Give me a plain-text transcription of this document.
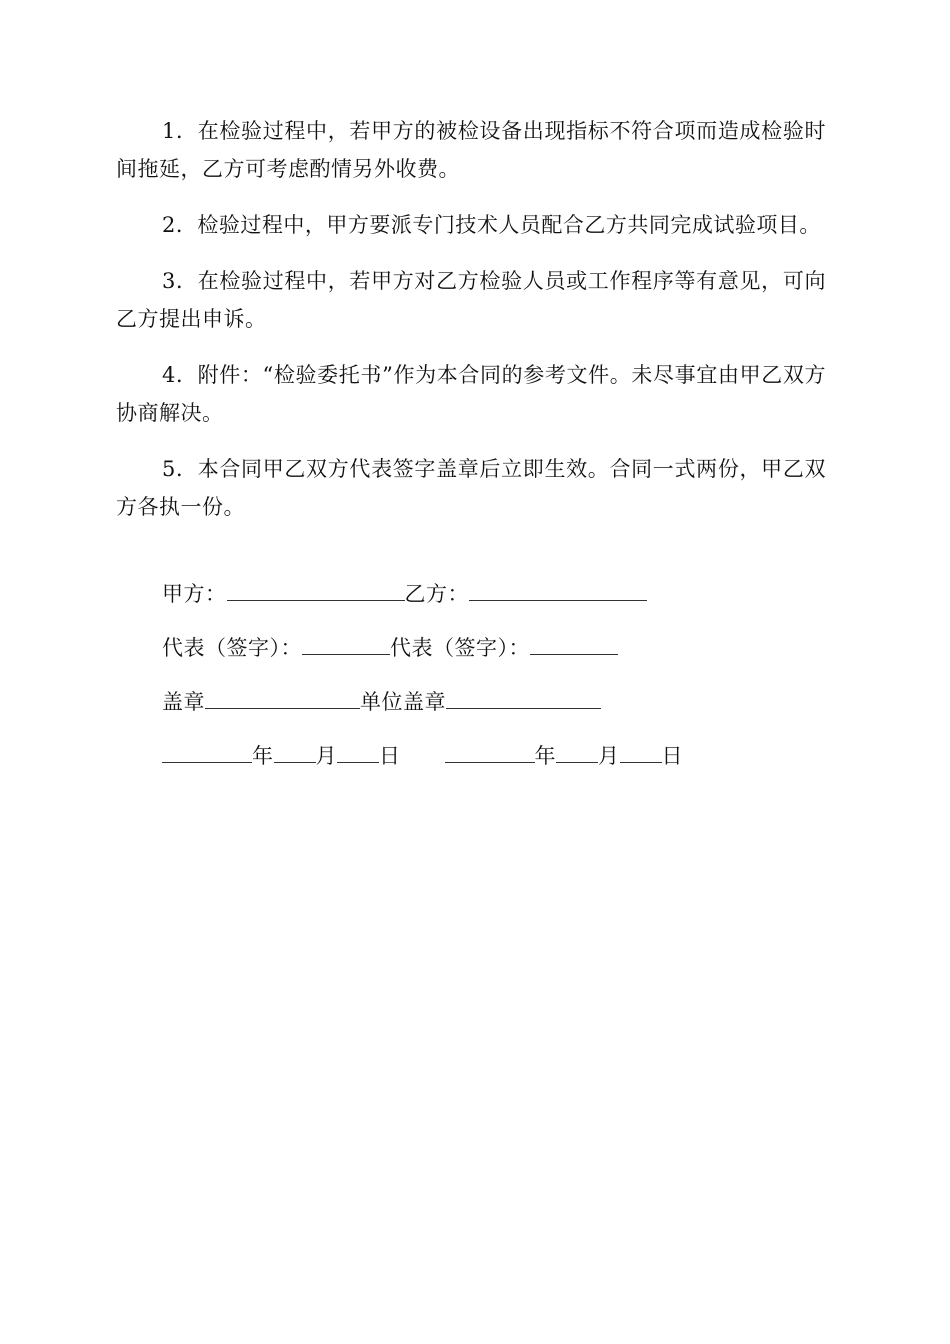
1．在检验过程中，若甲方的被检设备出现指标不符合项而造成检验时间拖延，乙方可考虑酌情另外收费。

2．检验过程中，甲方要派专门技术人员配合乙方共同完成试验项目。

3．在检验过程中，若甲方对乙方检验人员或工作程序等有意见，可向乙方提出申诉。

4．附件：“检验委托书”作为本合同的参考文件。未尽事宜由甲乙双方协商解决。

5．本合同甲乙双方代表签字盖章后立即生效。合同一式两份，甲乙双方各执一份。

甲方：	乙方：
代表（签字）：	代表（签字）：
盖章	单位盖章
年 月 日	年 月 日
